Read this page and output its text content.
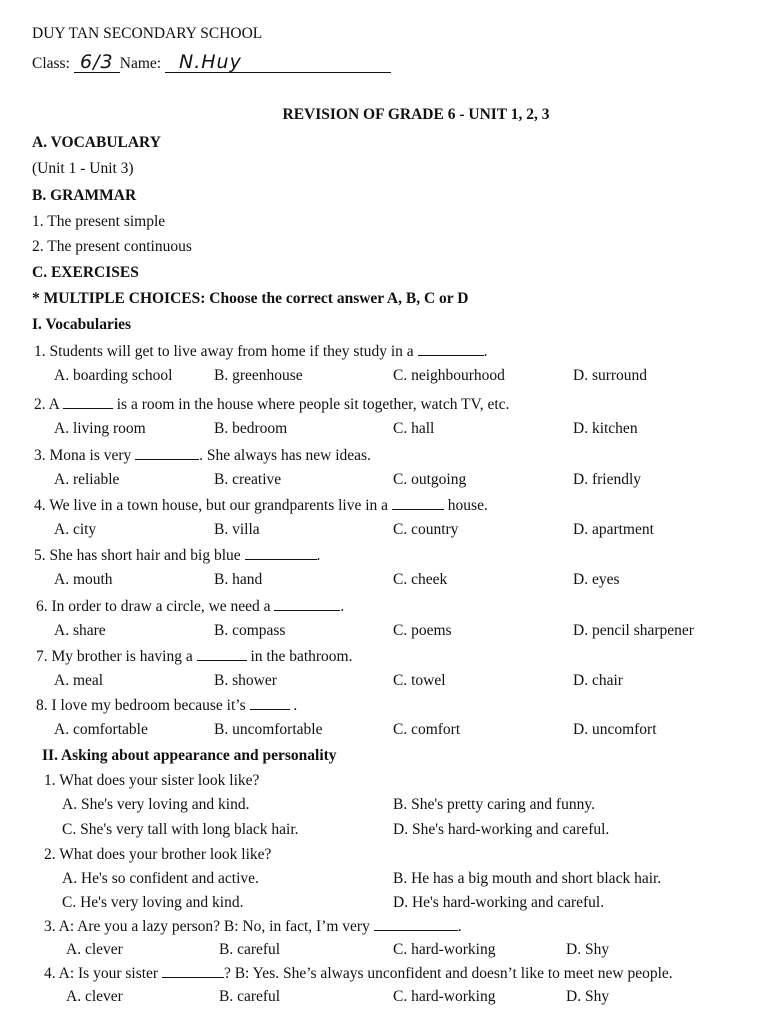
DUY TAN SECONDARY SCHOOL
Class: 6/3 Name: N.Huy
REVISION OF GRADE 6 - UNIT 1, 2, 3
A. VOCABULARY
(Unit 1 - Unit 3)
B. GRAMMAR
1. The present simple
2. The present continuous
C. EXERCISES
* MULTIPLE CHOICES: Choose the correct answer A, B, C or D
I. Vocabularies
1. Students will get to live away from home if they study in a	.
A. boarding school	B. greenhouse	C. neighbourhood	D. surround
2. A	is a room in the house where people sit together, watch TV, etc.
A. living room	B. bedroom	C. hall	D. kitchen
3. Mona is very	. She always has new ideas.
A. reliable	B. creative	C. outgoing	D. friendly
4. We live in a town house, but our grandparents live in a	house.
A. city	B. villa	C. country	D. apartment
5. She has short hair and big blue	.
A. mouth	B. hand	C. cheek	D. eyes
6. In order to draw a circle, we need a	.
A. share	B. compass	C. poems	D. pencil sharpener
7. My brother is having a	in the bathroom.
A. meal	B. shower	C. towel	D. chair
8. I love my bedroom because it’s	.
A. comfortable	B. uncomfortable	C. comfort	D. uncomfort
II. Asking about appearance and personality
1. What does your sister look like?
A. She's very loving and kind.	B. She's pretty caring and funny.
C. She's very tall with long black hair.	D. She's hard-working and careful.
2. What does your brother look like?
A. He's so confident and active.	B. He has a big mouth and short black hair.
C. He's very loving and kind.	D. He's hard-working and careful.
3. A: Are you a lazy person? B: No, in fact, I’m very	.
A. clever	B. careful	C. hard-working	D. Shy
4. A: Is your sister	? B: Yes. She’s always unconfident and doesn’t like to meet new people.
A. clever	B. careful	C. hard-working	D. Shy
